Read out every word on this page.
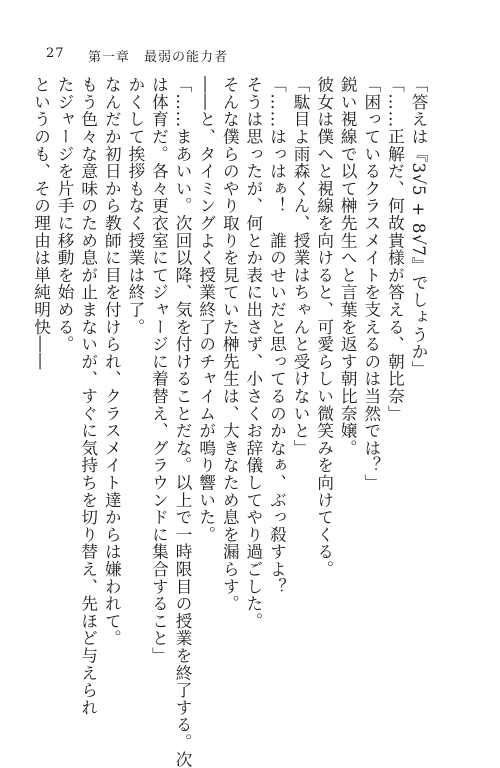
27 第一章　最弱の能力者
「答えは『3√5 + 8√7』でしょうか」
「……正解だ、何故貴様が答える、朝比奈」
「困っているクラスメイトを支えるのは当然では？」
鋭い視線で以て榊先生へと言葉を返す朝比奈嬢。
彼女は僕へと視線を向けると、可愛らしい微笑みを向けてくる。
「駄目よ雨森くん、授業はちゃんと受けないと」
「……はっはぁ！　誰のせいだと思ってるのかなぁ、ぶっ殺すよ？
そうは思ったが、何とか表に出さず、小さくお辞儀してやり過ごした。
そんな僕らのやり取りを見ていた榊先生は、大きなため息を漏らす。
――と、タイミングよく授業終了のチャイムが鳴り響いた。
「……まあいい。次回以降、気を付けることだな。以上で一時限目の授業を終了する。次
は体育だ。各々更衣室にてジャージに着替え、グラウンドに集合すること」
かくして挨拶もなく授業は終了。
なんだか初日から教師に目を付けられ、クラスメイト達からは嫌われて。
もう色々な意味のため息が止まないが、すぐに気持ちを切り替え、先ほど与えられ
たジャージを片手に移動を始める。
というのも、その理由は単純明快――
